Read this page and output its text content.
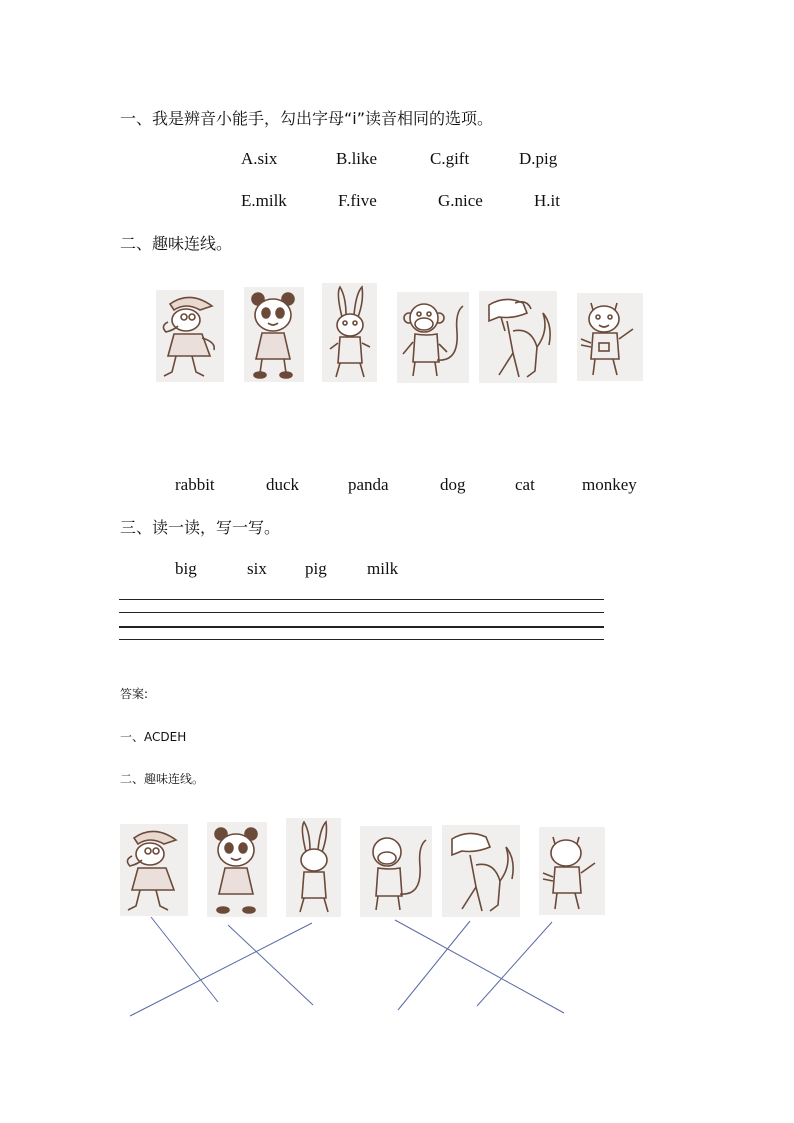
一、我是辨音小能手，勾出字母“i”读音相同的选项。
A.six	B.like	C.gift	D.pig
E.milk	F.five	G.nice	H.it
二、趣味连线。
rabbit	duck	panda	dog	cat	monkey
三、读一读，写一写。
big	six pig milk
答案:
一、ACDEH
二、趣味连线。
